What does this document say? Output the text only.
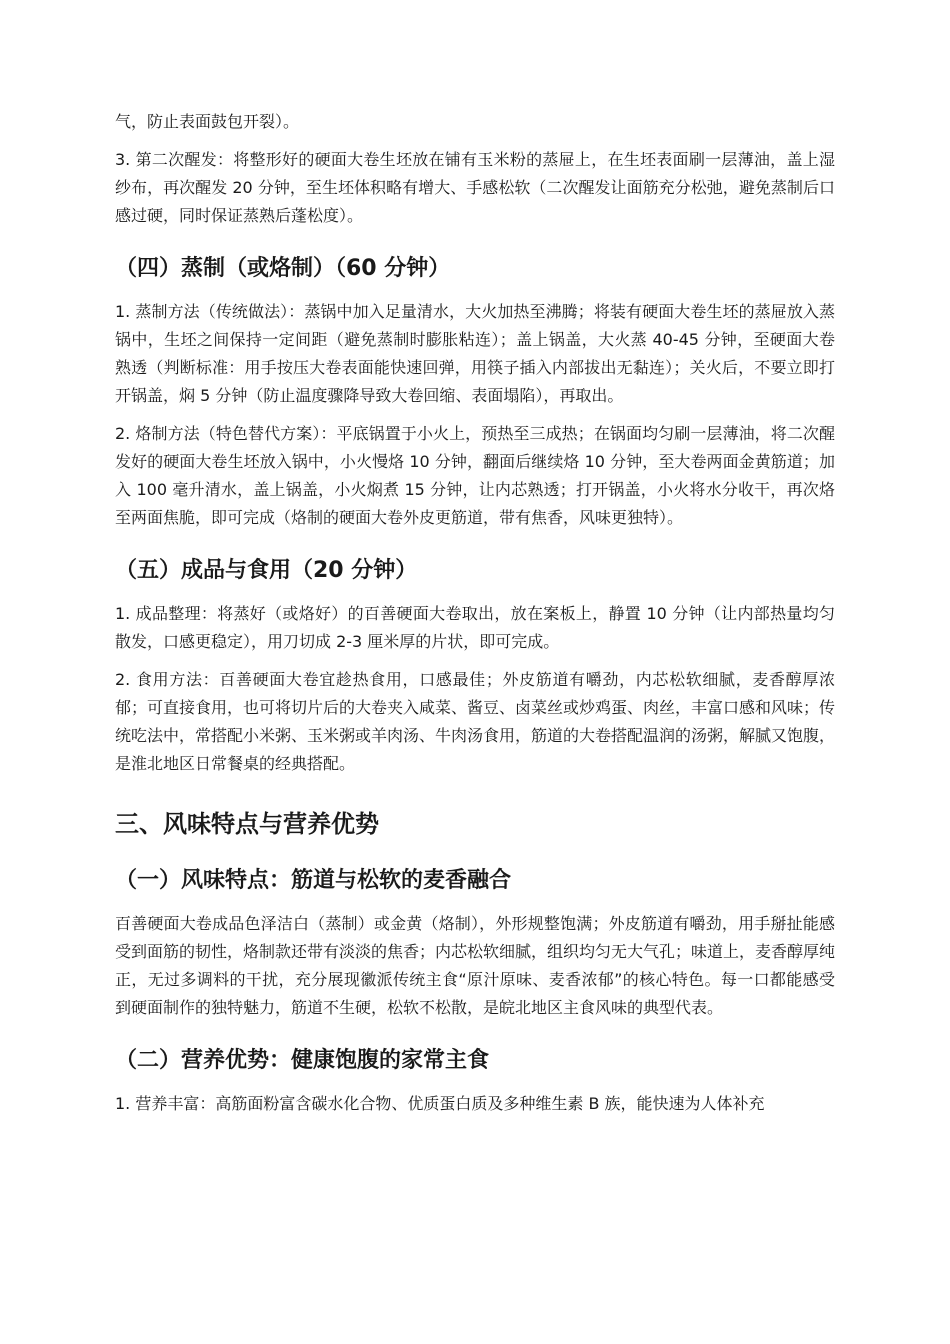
气，防止表面鼓包开裂）。

3. 第二次醒发：将整形好的硬面大卷生坯放在铺有玉米粉的蒸屉上，在生坯表面刷一层薄油，盖上湿纱布，再次醒发 20 分钟，至生坯体积略有增大、手感松软（二次醒发让面筋充分松弛，避免蒸制后口感过硬，同时保证蒸熟后蓬松度）。

（四）蒸制（或烙制）（60 分钟）

1. 蒸制方法（传统做法）：蒸锅中加入足量清水，大火加热至沸腾；将装有硬面大卷生坯的蒸屉放入蒸锅中，生坯之间保持一定间距（避免蒸制时膨胀粘连）；盖上锅盖，大火蒸 40-45 分钟，至硬面大卷熟透（判断标准：用手按压大卷表面能快速回弹，用筷子插入内部拔出无黏连）；关火后，不要立即打开锅盖，焖 5 分钟（防止温度骤降导致大卷回缩、表面塌陷），再取出。

2. 烙制方法（特色替代方案）：平底锅置于小火上，预热至三成热；在锅面均匀刷一层薄油，将二次醒发好的硬面大卷生坯放入锅中，小火慢烙 10 分钟，翻面后继续烙 10 分钟，至大卷两面金黄筋道；加入 100 毫升清水，盖上锅盖，小火焖煮 15 分钟，让内芯熟透；打开锅盖，小火将水分收干，再次烙至两面焦脆，即可完成（烙制的硬面大卷外皮更筋道，带有焦香，风味更独特）。

（五）成品与食用（20 分钟）

1. 成品整理：将蒸好（或烙好）的百善硬面大卷取出，放在案板上，静置 10 分钟（让内部热量均匀散发，口感更稳定），用刀切成 2-3 厘米厚的片状，即可完成。

2. 食用方法：百善硬面大卷宜趁热食用，口感最佳；外皮筋道有嚼劲，内芯松软细腻，麦香醇厚浓郁；可直接食用，也可将切片后的大卷夹入咸菜、酱豆、卤菜丝或炒鸡蛋、肉丝，丰富口感和风味；传统吃法中，常搭配小米粥、玉米粥或羊肉汤、牛肉汤食用，筋道的大卷搭配温润的汤粥，解腻又饱腹，是淮北地区日常餐桌的经典搭配。

三、风味特点与营养优势
（一）风味特点：筋道与松软的麦香融合

百善硬面大卷成品色泽洁白（蒸制）或金黄（烙制），外形规整饱满；外皮筋道有嚼劲，用手掰扯能感受到面筋的韧性，烙制款还带有淡淡的焦香；内芯松软细腻，组织均匀无大气孔；味道上，麦香醇厚纯正，无过多调料的干扰，充分展现徽派传统主食“原汁原味、麦香浓郁”的核心特色。每一口都能感受到硬面制作的独特魅力，筋道不生硬，松软不松散，是皖北地区主食风味的典型代表。

（二）营养优势：健康饱腹的家常主食

1. 营养丰富：高筋面粉富含碳水化合物、优质蛋白质及多种维生素 B 族，能快速为人体补充
